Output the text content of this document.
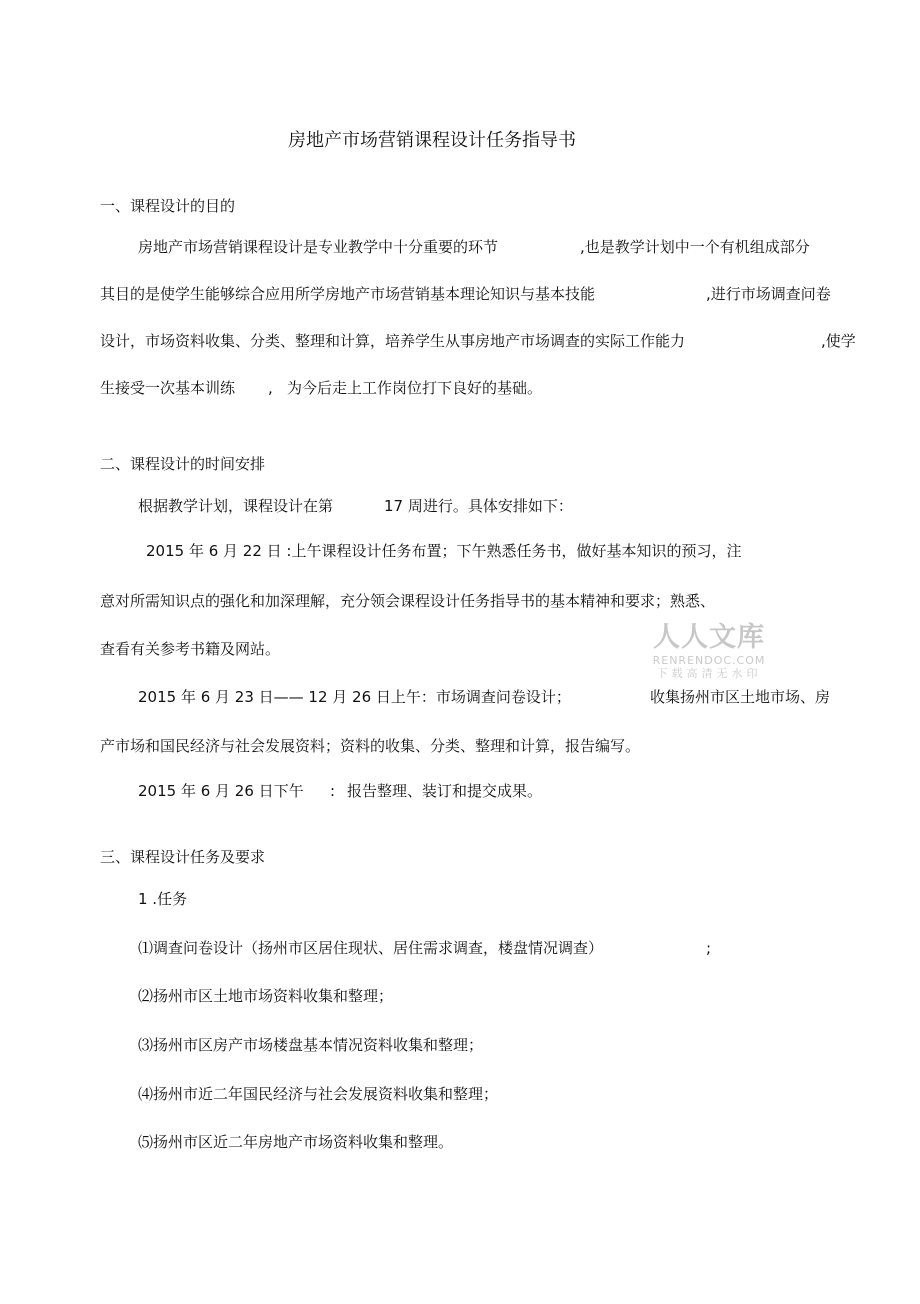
房地产市场营销课程设计任务指导书
一、课程设计的目的
房地产市场营销课程设计是专业教学中十分重要的环节	,也是教学计划中一个有机组成部分
其目的是使学生能够综合应用所学房地产市场营销基本理论知识与基本技能	,进行市场调查问卷
设计，市场资料收集、分类、整理和计算，培养学生从事房地产市场调查的实际工作能力	,使学
生接受一次基本训练 , 为今后走上工作岗位打下良好的基础。
二、课程设计的时间安排
根据教学计划，课程设计在第	17 周进行。具体安排如下：
2015 年 6 月 22 日 :上午课程设计任务布置；下午熟悉任务书，做好基本知识的预习，注
意对所需知识点的强化和加深理解，充分领会课程设计任务指导书的基本精神和要求；熟悉、
查看有关参考书籍及网站。
2015 年 6 月 23 日—— 12 月 26 日上午：市场调查问卷设计；	收集扬州市区土地市场、房
产市场和国民经济与社会发展资料；资料的收集、分类、整理和计算，报告编写。
2015 年 6 月 26 日下午 : 报告整理、装订和提交成果。
三、课程设计任务及要求
1 .任务
⑴调查问卷设计（扬州市区居住现状、居住需求调查，楼盘情况调查）	;
⑵扬州市区土地市场资料收集和整理；
⑶扬州市区房产市场楼盘基本情况资料收集和整理；
⑷扬州市近二年国民经济与社会发展资料收集和整理；
⑸扬州市区近二年房地产市场资料收集和整理。
人人文库
RENRENDOC.COM
下载高清无水印
